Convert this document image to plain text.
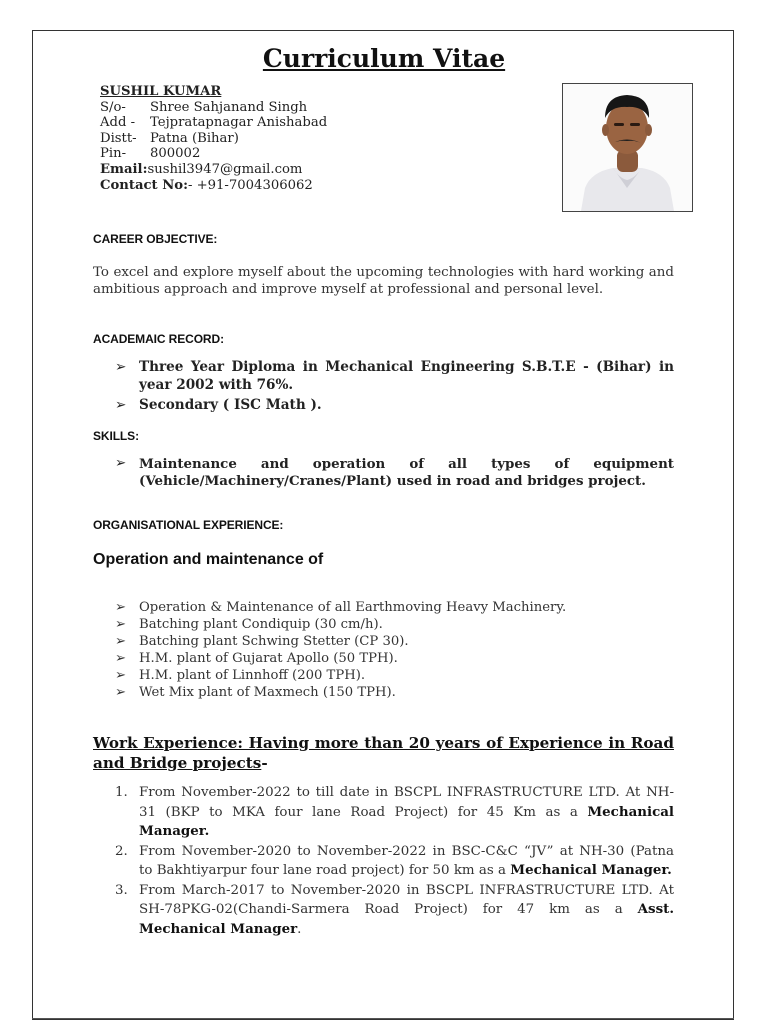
Curriculum Vitae
SUSHIL KUMAR
S/o- Shree Sahjanand Singh
Add - Tejpratapnagar Anishabad
Distt- Patna (Bihar)
Pin- 800002
Email:sushil3947@gmail.com
Contact No:- +91-7004306062
CAREER OBJECTIVE:
To excel and explore myself about the upcoming technologies with hard working and ambitious approach and improve myself at professional and personal level.
ACADEMAIC RECORD:
➢ Three Year Diploma in Mechanical Engineering S.B.T.E - (Bihar) in year 2002 with 76%.
➢ Secondary ( ISC Math ).
SKILLS:
➢ Maintenance and operation of all types of equipment (Vehicle/Machinery/Cranes/Plant) used in road and bridges project.
ORGANISATIONAL EXPERIENCE:
Operation and maintenance of
➢ Operation & Maintenance of all Earthmoving Heavy Machinery.
➢ Batching plant Condiquip (30 cm/h).
➢ Batching plant Schwing Stetter (CP 30).
➢ H.M. plant of Gujarat Apollo (50 TPH).
➢ H.M. plant of Linnhoff (200 TPH).
➢ Wet Mix plant of Maxmech (150 TPH).
Work Experience: Having more than 20 years of Experience in Road and Bridge projects-
1. From November-2022 to till date in BSCPL INFRASTRUCTURE LTD. At NH-31 (BKP to MKA four lane Road Project) for 45 Km as a Mechanical Manager.
2. From November-2020 to November-2022 in BSC-C&C “JV” at NH-30 (Patna to Bakhtiyarpur four lane road project) for 50 km as a Mechanical Manager.
3. From March-2017 to November-2020 in BSCPL INFRASTRUCTURE LTD. At SH-78PKG-02(Chandi-Sarmera Road Project) for 47 km as a Asst. Mechanical Manager.
